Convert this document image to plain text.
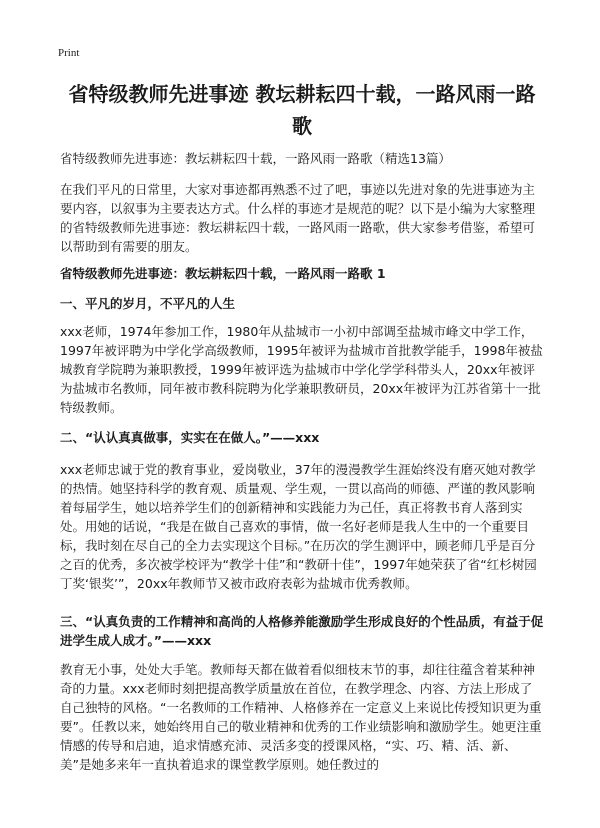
Print
省特级教师先进事迹 教坛耕耘四十载，一路风雨一路歌
省特级教师先进事迹：教坛耕耘四十载，一路风雨一路歌（精选13篇）
在我们平凡的日常里，大家对事迹都再熟悉不过了吧，事迹以先进对象的先进事迹为主要内容，以叙事为主要表达方式。什么样的事迹才是规范的呢？以下是小编为大家整理的省特级教师先进事迹：教坛耕耘四十载，一路风雨一路歌，供大家参考借鉴，希望可以帮助到有需要的朋友。
省特级教师先进事迹：教坛耕耘四十载，一路风雨一路歌 1
一、平凡的岁月，不平凡的人生
xxx老师，1974年参加工作，1980年从盐城市一小初中部调至盐城市峰文中学工作，1997年被评聘为中学化学高级教师，1995年被评为盐城市首批教学能手，1998年被盐城教育学院聘为兼职教授，1999年被评选为盐城市中学化学学科带头人，20xx年被评为盐城市名教师，同年被市教科院聘为化学兼职教研员，20xx年被评为江苏省第十一批特级教师。
二、“认认真真做事，实实在在做人。”——xxx
xxx老师忠诚于党的教育事业，爱岗敬业，37年的漫漫教学生涯始终没有磨灭她对教学的热情。她坚持科学的教育观、质量观、学生观，一贯以高尚的师德、严谨的教风影响着每届学生，她以培养学生们的创新精神和实践能力为己任，真正将教书育人落到实处。用她的话说，“我是在做自己喜欢的事情，做一名好老师是我人生中的一个重要目标，我时刻在尽自己的全力去实现这个目标。”在历次的学生测评中，顾老师几乎是百分之百的优秀，多次被学校评为“教学十佳”和“教研十佳”，1997年她荣获了省“红杉树园丁奖‘银奖’”，20xx年教师节又被市政府表彰为盐城市优秀教师。
三、“认真负责的工作精神和高尚的人格修养能激励学生形成良好的个性品质，有益于促进学生成人成才。”——xxx
教育无小事，处处大手笔。教师每天都在做着看似细枝末节的事，却往往蕴含着某种神奇的力量。xxx老师时刻把提高教学质量放在首位，在教学理念、内容、方法上形成了自己独特的风格。“一名教师的工作精神、人格修养在一定意义上来说比传授知识更为重要”。任教以来，她始终用自己的敬业精神和优秀的工作业绩影响和激励学生。她更注重情感的传导和启迪，追求情感充沛、灵活多变的授课风格，“实、巧、精、活、新、美”是她多来年一直执着追求的课堂教学原则。她任教过的
